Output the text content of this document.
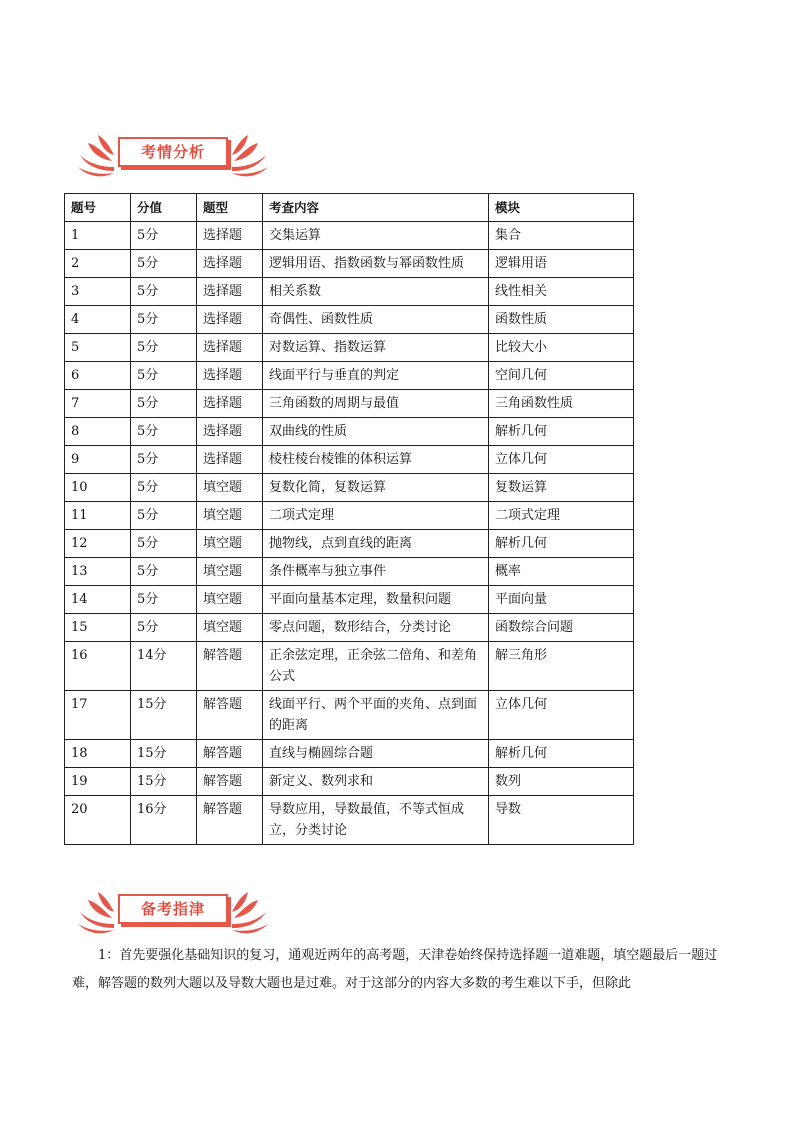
考情分析
题号	分值	题型	考查内容	模块
1	5分	选择题	交集运算	集合
2	5分	选择题	逻辑用语、指数函数与幂函数性质	逻辑用语
3	5分	选择题	相关系数	线性相关
4	5分	选择题	奇偶性、函数性质	函数性质
5	5分	选择题	对数运算、指数运算	比较大小
6	5分	选择题	线面平行与垂直的判定	空间几何
7	5分	选择题	三角函数的周期与最值	三角函数性质
8	5分	选择题	双曲线的性质	解析几何
9	5分	选择题	棱柱棱台棱锥的体积运算	立体几何
10	5分	填空题	复数化简，复数运算	复数运算
11	5分	填空题	二项式定理	二项式定理
12	5分	填空题	抛物线，点到直线的距离	解析几何
13	5分	填空题	条件概率与独立事件	概率
14	5分	填空题	平面向量基本定理，数量积问题	平面向量
15	5分	填空题	零点问题，数形结合，分类讨论	函数综合问题
16	14分	解答题	正余弦定理，正余弦二倍角、和差角公式	解三角形
17	15分	解答题	线面平行、两个平面的夹角、点到面的距离	立体几何
18	15分	解答题	直线与椭圆综合题	解析几何
19	15分	解答题	新定义、数列求和	数列
20	16分	解答题	导数应用，导数最值，不等式恒成立，分类讨论	导数
备考指津

1：首先要强化基础知识的复习，通观近两年的高考题，天津卷始终保持选择题一道难题，填空题最后一题过难，解答题的数列大题以及导数大题也是过难。对于这部分的内容大多数的考生难以下手，但除此
